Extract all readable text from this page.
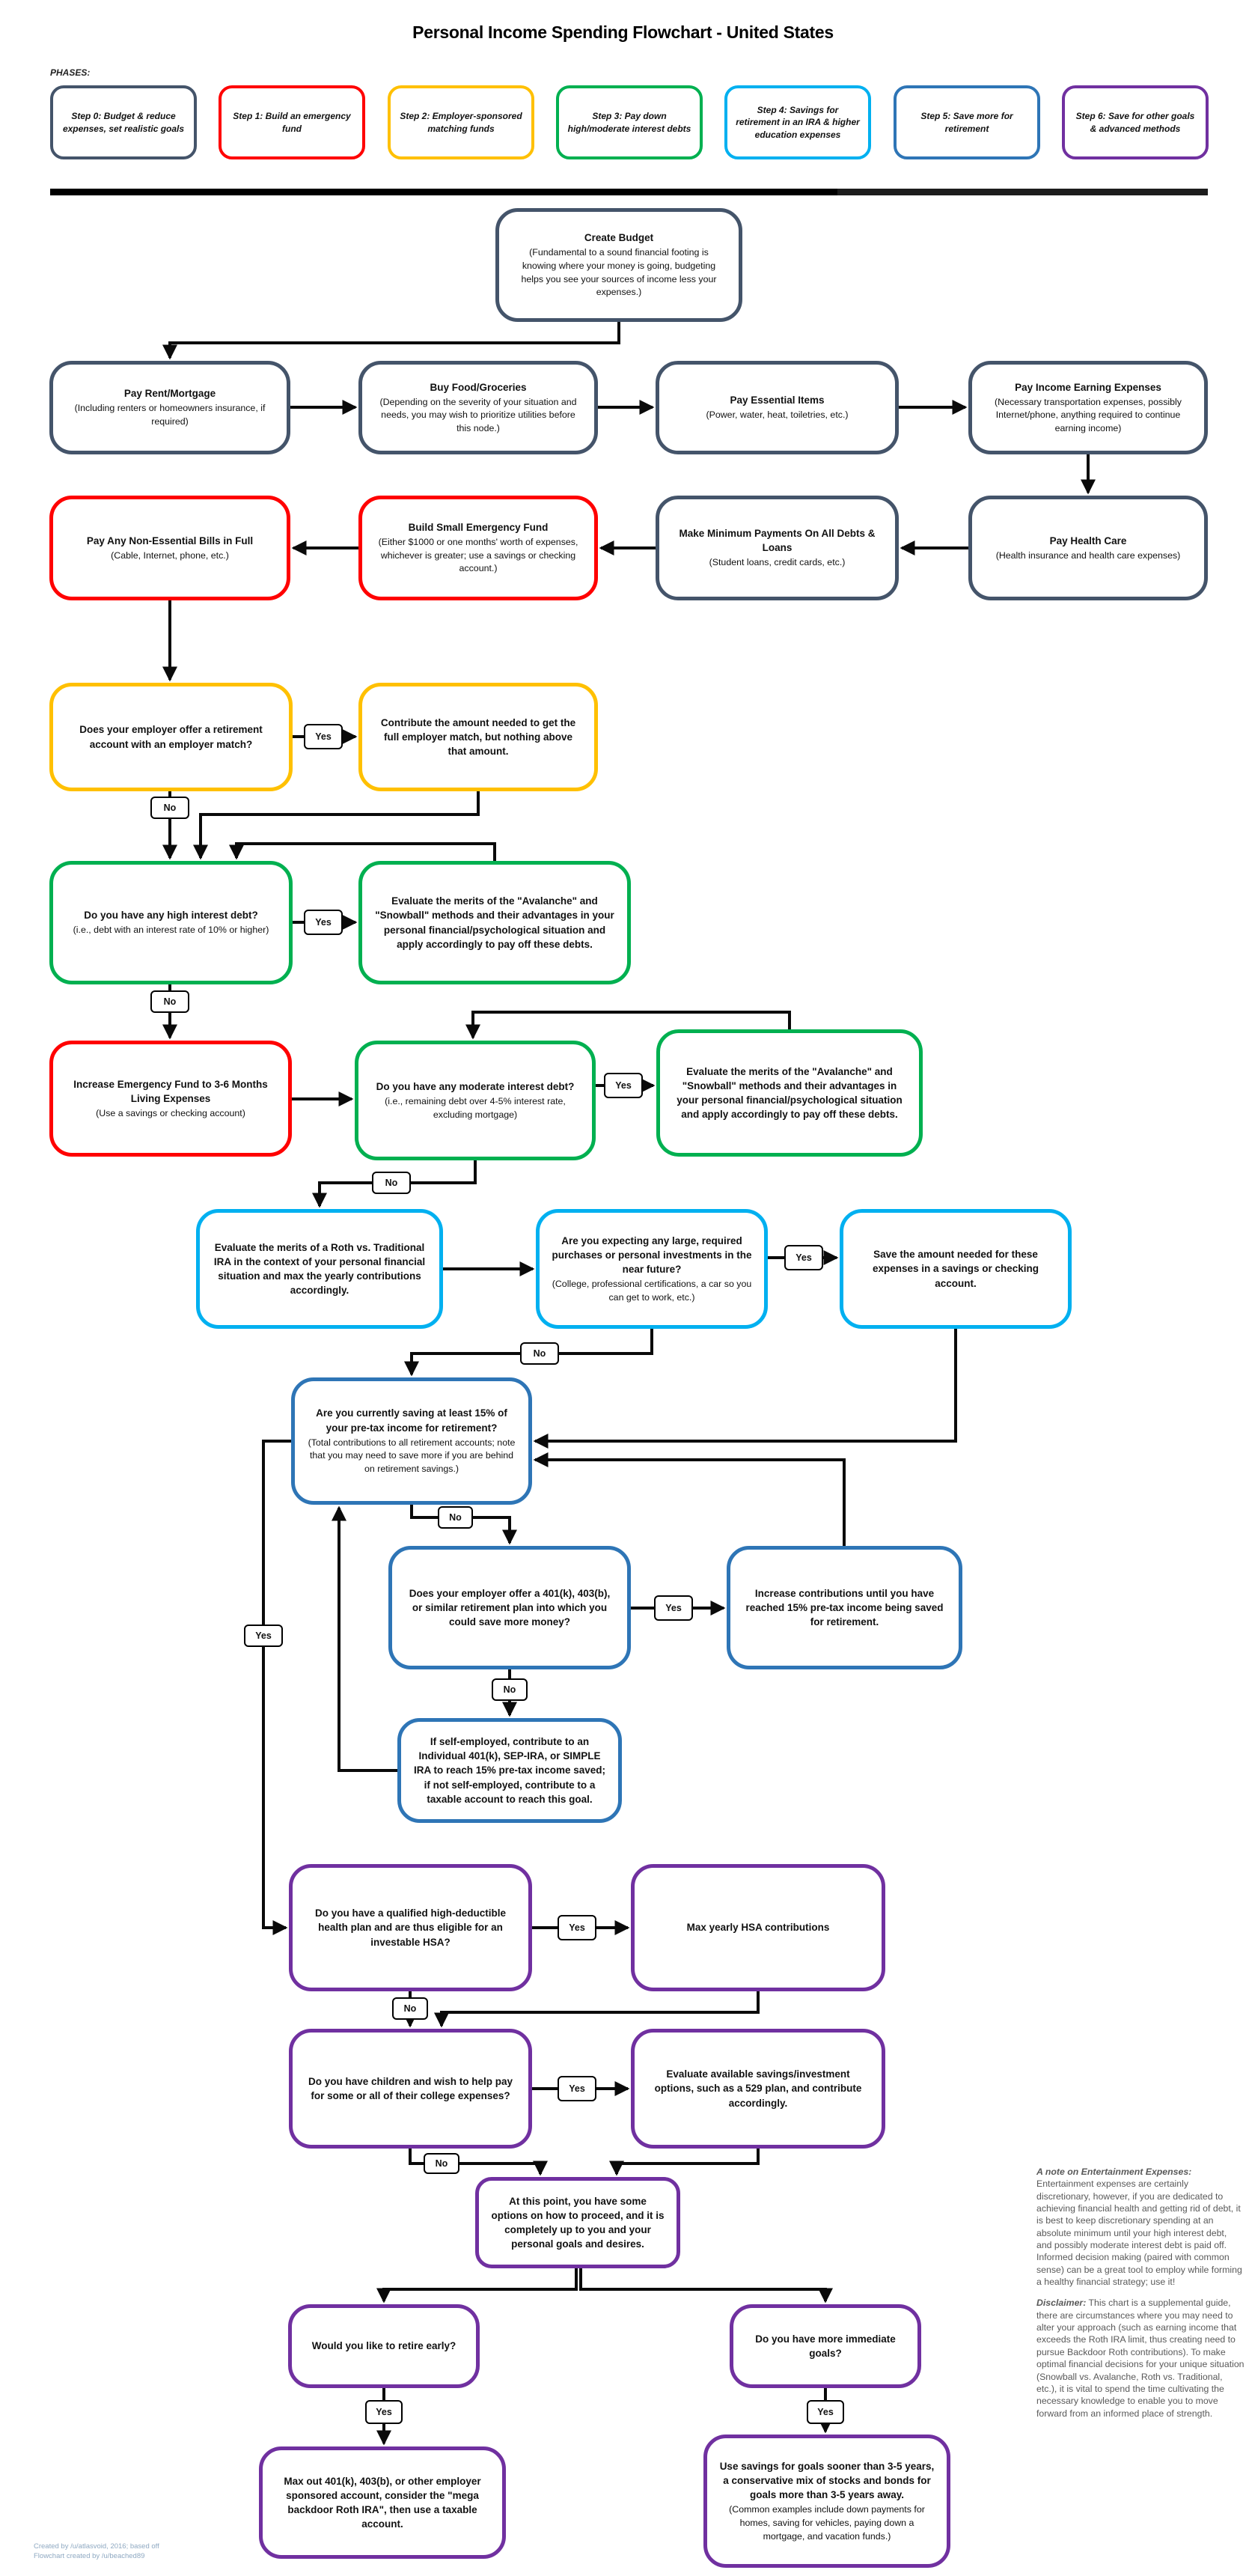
Personal Income Spending Flowchart - United States
PHASES:
Step 0: Budget & reduce expenses, set realistic goals
Step 1: Build an emergency fund
Step 2: Employer-sponsored matching funds
Step 3: Pay down high/moderate interest debts
Step 4: Savings for retirement in an IRA & higher education expenses
Step 5: Save more for retirement
Step 6: Save for other goals & advanced methods
Create Budget
(Fundamental to a sound financial footing is knowing where your money is going, budgeting helps you see your sources of income less your expenses.)
Pay Rent/Mortgage
(Including renters or homeowners insurance, if required)
Buy Food/Groceries
(Depending on the severity of your situation and needs, you may wish to prioritize utilities before this node.)
Pay Essential Items
(Power, water, heat, toiletries, etc.)
Pay Income Earning Expenses
(Necessary transportation expenses, possibly Internet/phone, anything required to continue earning income)
Pay Any Non-Essential Bills in Full
(Cable, Internet, phone, etc.)
Build Small Emergency Fund
(Either $1000 or one months' worth of expenses, whichever is greater; use a savings or checking account.)
Make Minimum Payments On All Debts & Loans
(Student loans, credit cards, etc.)
Pay Health Care
(Health insurance and health care expenses)
Does your employer offer a retirement account with an employer match?
Contribute the amount needed to get the full employer match, but nothing above that amount.
Do you have any high interest debt?
(i.e., debt with an interest rate of 10% or higher)
Evaluate the merits of the "Avalanche" and "Snowball" methods and their advantages in your personal financial/psychological situation and apply accordingly to pay off these debts.
Increase Emergency Fund to 3-6 Months Living Expenses
(Use a savings or checking account)
Do you have any moderate interest debt?
(i.e., remaining debt over 4-5% interest rate, excluding mortgage)
Evaluate the merits of the "Avalanche" and "Snowball" methods and their advantages in your personal financial/psychological situation and apply accordingly to pay off these debts.
Evaluate the merits of a Roth vs. Traditional IRA in the context of your personal financial situation and max the yearly contributions accordingly.
Are you expecting any large, required purchases or personal investments in the near future?
(College, professional certifications, a car so you can get to work, etc.)
Save the amount needed for these expenses in a savings or checking account.
Are you currently saving at least 15% of your pre-tax income for retirement?
(Total contributions to all retirement accounts; note that you may need to save more if you are behind on retirement savings.)
Does your employer offer a 401(k), 403(b), or similar retirement plan into which you could save more money?
Increase contributions until you have reached 15% pre-tax income being saved for retirement.
If self-employed, contribute to an Individual 401(k), SEP-IRA, or SIMPLE IRA to reach 15% pre-tax income saved; if not self-employed, contribute to a taxable account to reach this goal.
Do you have a qualified high-deductible health plan and are thus eligible for an investable HSA?
Max yearly HSA contributions
Do you have children and wish to help pay for some or all of their college expenses?
Evaluate available savings/investment options, such as a 529 plan, and contribute accordingly.
At this point, you have some options on how to proceed, and it is completely up to you and your personal goals and desires.
Would you like to retire early?
Do you have more immediate goals?
Max out 401(k), 403(b), or other employer sponsored account, consider the "mega backdoor Roth IRA", then use a taxable account.
Use savings for goals sooner than 3-5 years, a conservative mix of stocks and bonds for goals more than 3-5 years away.
(Common examples include down payments for homes, saving for vehicles, paying down a mortgage, and vacation funds.)
Yes
No
Yes
No
Yes
No
Yes
No
No
Yes
Yes
No
Yes
No
Yes
No
Yes	Yes

A note on Entertainment Expenses: Entertainment expenses are certainly discretionary, however, if you are dedicated to achieving financial health and getting rid of debt, it is best to keep discretionary spending at an absolute minimum until your high interest debt, and possibly moderate interest debt is paid off. Informed decision making (paired with common sense) can be a great tool to employ while forming a healthy financial strategy; use it!

Disclaimer: This chart is a supplemental guide, there are circumstances where you may need to alter your approach (such as earning income that exceeds the Roth IRA limit, thus creating need to pursue Backdoor Roth contributions). To make optimal financial decisions for your unique situation (Snowball vs. Avalanche, Roth vs. Traditional, etc.), it is vital to spend the time cultivating the necessary knowledge to enable you to move forward from an informed place of strength.

Created by /u/atlasvoid, 2016; based off
Flowchart created by /u/beached89
